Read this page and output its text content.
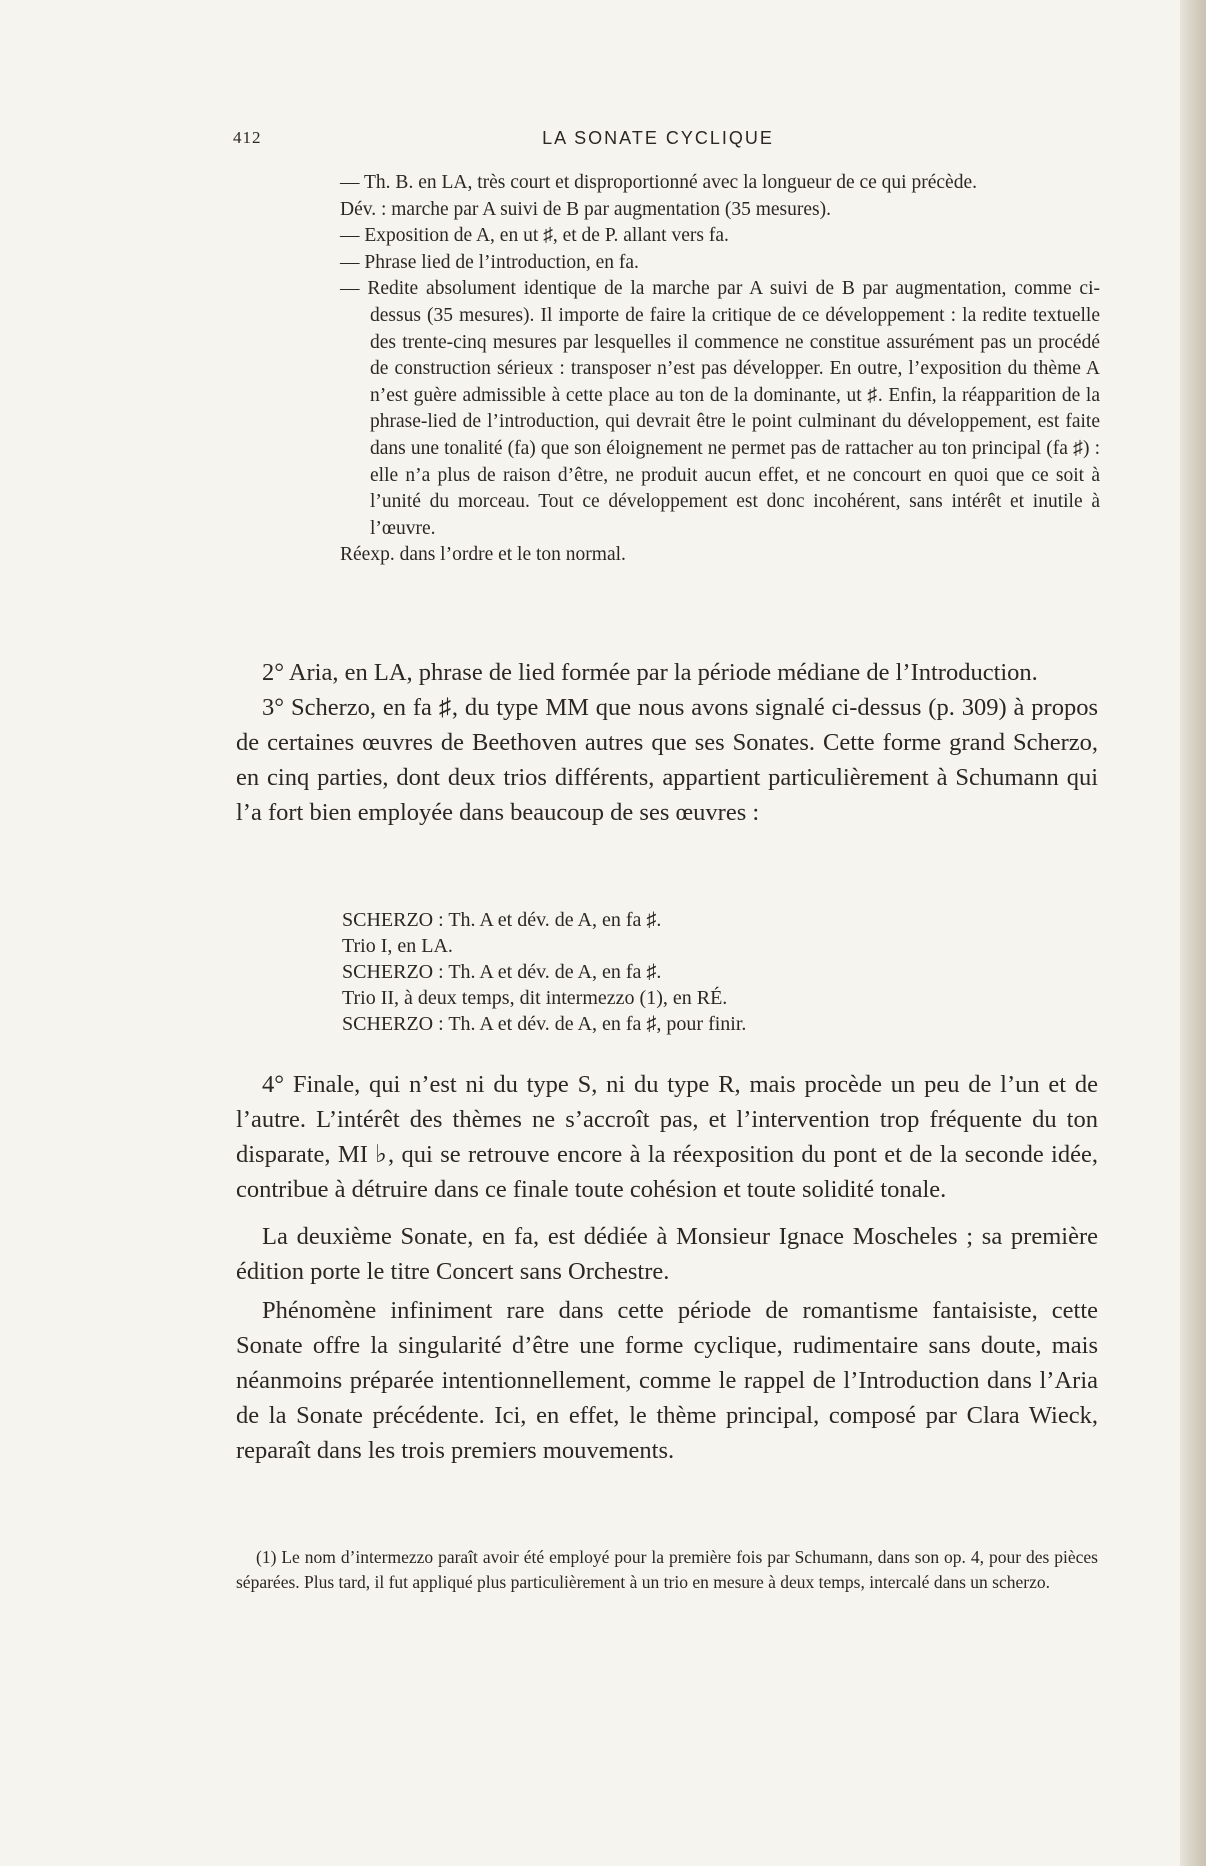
412	LA SONATE CYCLIQUE

— Th. B. en LA, très court et disproportionné avec la longueur de ce qui précède.

Dév. : marche par A suivi de B par augmentation (35 mesures).

— Exposition de A, en ut ♯, et de P. allant vers fa.

— Phrase lied de l’introduction, en fa.

— Redite absolument identique de la marche par A suivi de B par augmentation, comme ci-dessus (35 mesures). Il importe de faire la critique de ce développement : la redite textuelle des trente-cinq mesures par lesquelles il commence ne constitue assurément pas un procédé de construction sérieux : transposer n’est pas développer. En outre, l’exposition du thème A n’est guère admissible à cette place au ton de la dominante, ut ♯. Enfin, la réapparition de la phrase-lied de l’introduction, qui devrait être le point culminant du développement, est faite dans une tonalité (fa) que son éloignement ne permet pas de rattacher au ton principal (fa ♯) : elle n’a plus de raison d’être, ne produit aucun effet, et ne concourt en quoi que ce soit à l’unité du morceau. Tout ce développement est donc incohérent, sans intérêt et inutile à l’œuvre.

Réexp. dans l’ordre et le ton normal.

2° Aria, en LA, phrase de lied formée par la période médiane de l’Introduction.

3° Scherzo, en fa ♯, du type MM que nous avons signalé ci-dessus (p. 309) à propos de certaines œuvres de Beethoven autres que ses Sonates. Cette forme grand Scherzo, en cinq parties, dont deux trios différents, appartient particulièrement à Schumann qui l’a fort bien employée dans beaucoup de ses œuvres :

SCHERZO : Th. A et dév. de A, en fa ♯.
Trio I, en LA.
SCHERZO : Th. A et dév. de A, en fa ♯.
Trio II, à deux temps, dit intermezzo (1), en RÉ.
SCHERZO : Th. A et dév. de A, en fa ♯, pour finir.

4° Finale, qui n’est ni du type S, ni du type R, mais procède un peu de l’un et de l’autre. L’intérêt des thèmes ne s’accroît pas, et l’intervention trop fréquente du ton disparate, MI ♭, qui se retrouve encore à la réexposition du pont et de la seconde idée, contribue à détruire dans ce finale toute cohésion et toute solidité tonale.

La deuxième Sonate, en fa, est dédiée à Monsieur Ignace Moscheles ; sa première édition porte le titre Concert sans Orchestre.

Phénomène infiniment rare dans cette période de romantisme fantaisiste, cette Sonate offre la singularité d’être une forme cyclique, rudimentaire sans doute, mais néanmoins préparée intentionnellement, comme le rappel de l’Introduction dans l’Aria de la Sonate précédente. Ici, en effet, le thème principal, composé par Clara Wieck, reparaît dans les trois premiers mouvements.

(1) Le nom d’intermezzo paraît avoir été employé pour la première fois par Schumann, dans son op. 4, pour des pièces séparées. Plus tard, il fut appliqué plus particulièrement à un trio en mesure à deux temps, intercalé dans un scherzo.
